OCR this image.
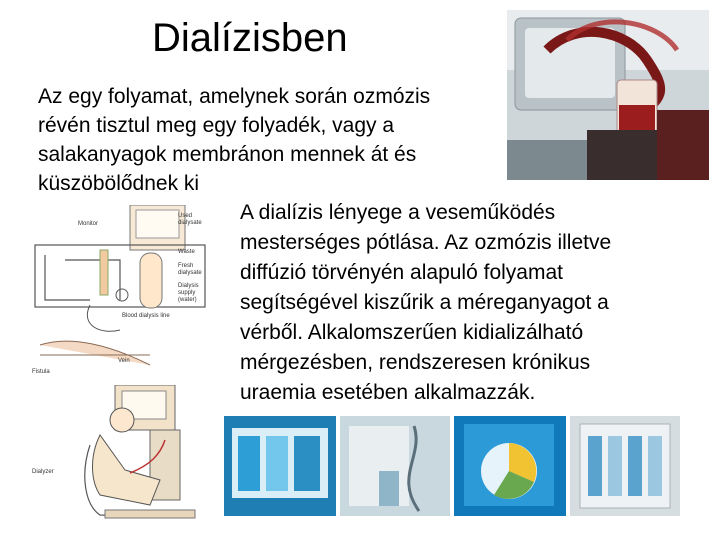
Dialízisben
Az egy folyamat, amelynek során ozmózis
révén tisztul meg egy folyadék, vagy a
salakanyagok membránon mennek át és
küszöbölődnek ki
A dialízis lényege a veseműködés
mesterséges pótlása. Az ozmózis illetve
diffúzió törvényén alapuló folyamat
segítségével kiszűrik a méreganyagot a
vérből. Alkalomszerűen kidializálható
mérgezésben, rendszeresen krónikus
uraemia esetében alkalmazzák.
Monitor
Used
dialysate
Waste
Fresh
dialysate
Dialysis
supply
(water)
Blood dialysis line
Vein
Fistula
Dialyzer
